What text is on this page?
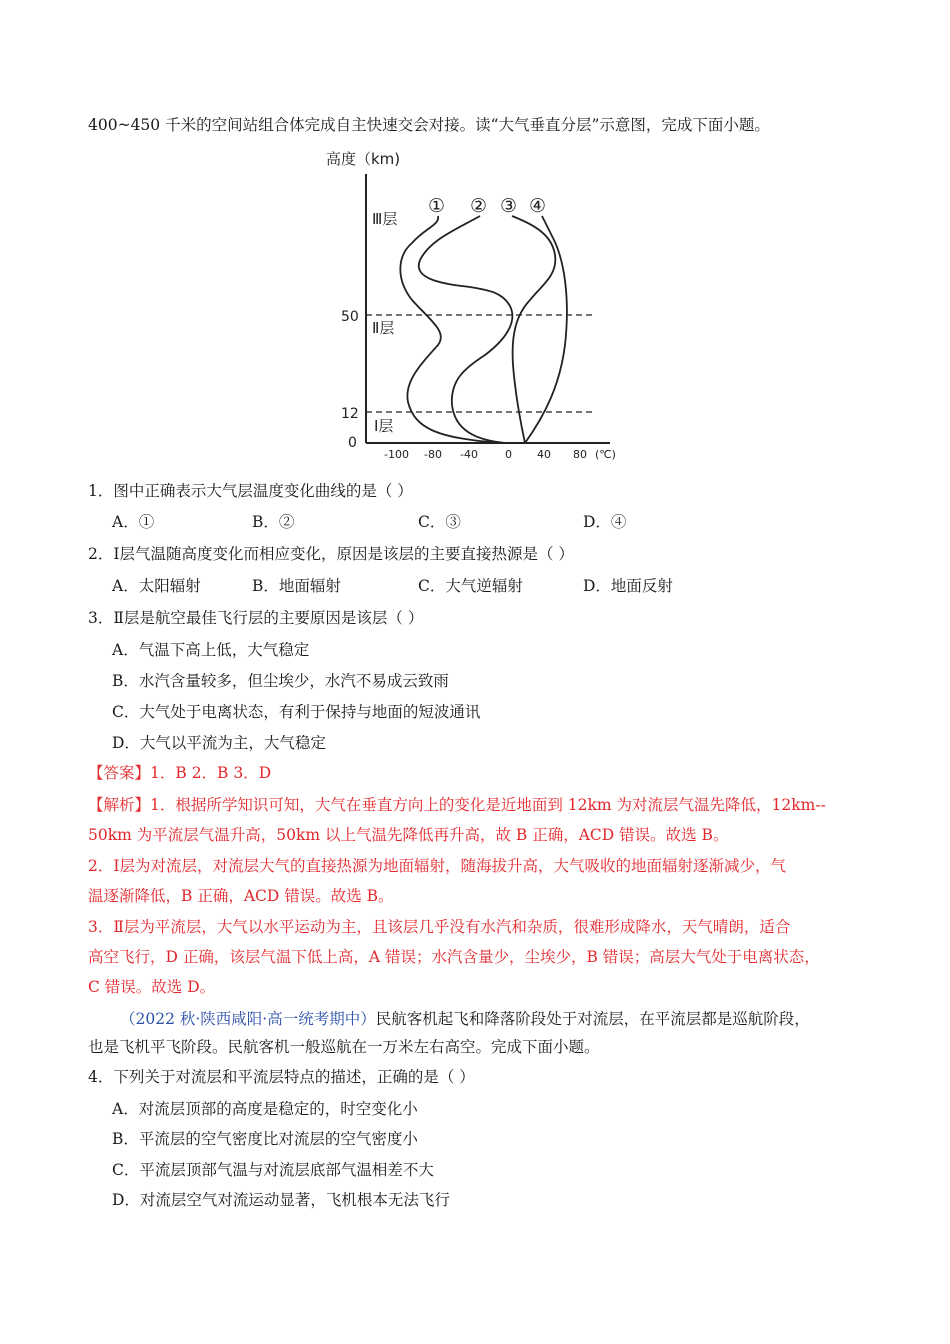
400~450 千米的空间站组合体完成自主快速交会对接。读“大气垂直分层”示意图，完成下面小题。
高度（km)
50
12
0
-100 -80 -40 0 40 80 (℃)
Ⅲ层
Ⅱ层
Ⅰ层
① ② ③ ④
1．图中正确表示大气层温度变化曲线的是（ ）
A．①	B．②	C．③	D．④
2．Ⅰ层气温随高度变化而相应变化，原因是该层的主要直接热源是（ ）
A．太阳辐射	B．地面辐射	C．大气逆辐射	D．地面反射
3．Ⅱ层是航空最佳飞行层的主要原因是该层（ ）
A．气温下高上低，大气稳定
B．水汽含量较多，但尘埃少，水汽不易成云致雨
C．大气处于电离状态，有利于保持与地面的短波通讯
D．大气以平流为主，大气稳定
【答案】1．B 2．B 3．D
【解析】1．根据所学知识可知，大气在垂直方向上的变化是近地面到 12km 为对流层气温先降低，12km--
50km 为平流层气温升高，50km 以上气温先降低再升高，故 B 正确，ACD 错误。故选 B。
2．Ⅰ层为对流层，对流层大气的直接热源为地面辐射，随海拔升高，大气吸收的地面辐射逐渐减少，气
温逐渐降低，B 正确，ACD 错误。故选 B。
3．Ⅱ层为平流层，大气以水平运动为主，且该层几乎没有水汽和杂质，很难形成降水，天气晴朗，适合
高空飞行，D 正确，该层气温下低上高，A 错误；水汽含量少，尘埃少，B 错误；高层大气处于电离状态，
C 错误。故选 D。
（2022 秋·陕西咸阳·高一统考期中）民航客机起飞和降落阶段处于对流层，在平流层都是巡航阶段，
也是飞机平飞阶段。民航客机一般巡航在一万米左右高空。完成下面小题。
4．下列关于对流层和平流层特点的描述，正确的是（ ）
A．对流层顶部的高度是稳定的，时空变化小
B．平流层的空气密度比对流层的空气密度小
C．平流层顶部气温与对流层底部气温相差不大
D．对流层空气对流运动显著，飞机根本无法飞行
